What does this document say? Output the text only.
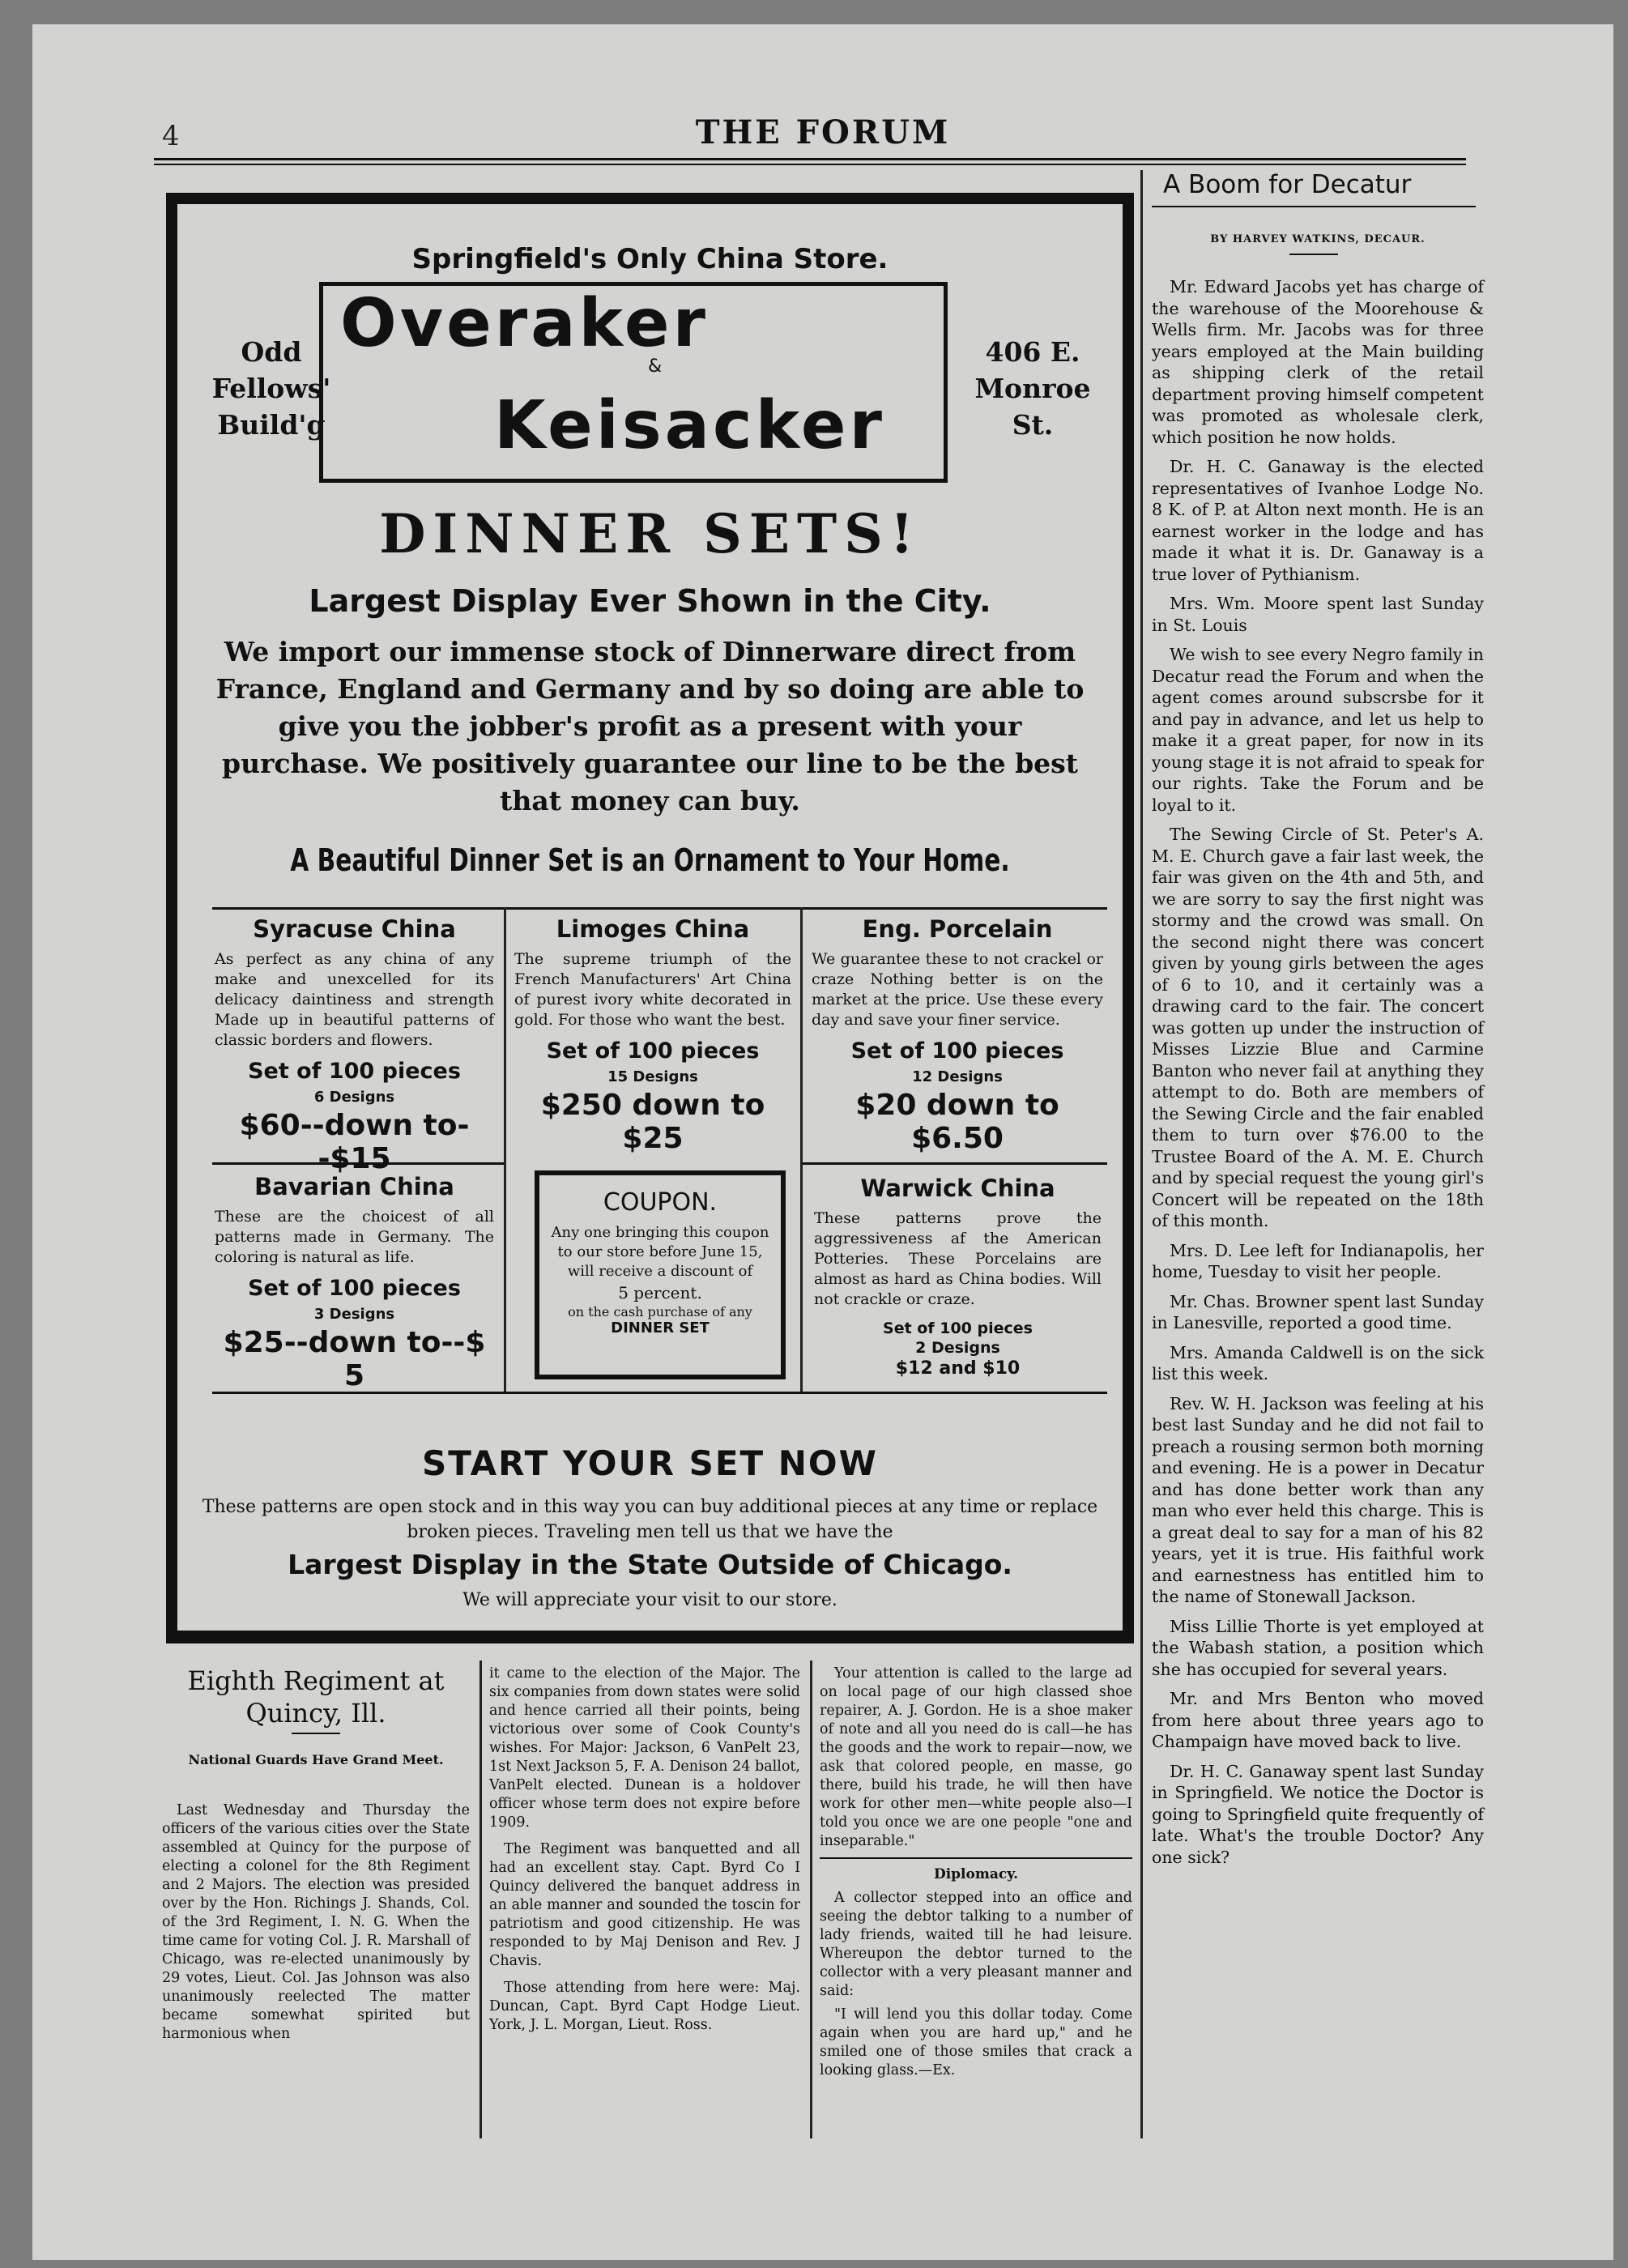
4	THE FORUM
Springfield's Only China Store.
Odd
Fellows'
Build'g
Overaker
&
Keisacker
406 E.
Monroe
St.
DINNER SETS!
Largest Display Ever Shown in the City.
We import our immense stock of Dinnerware direct from France, England and Germany and by so doing are able to give you the jobber's profit as a present with your purchase. We positively guarantee our line to be the best that money can buy.
A Beautiful Dinner Set is an Ornament to Your Home.
Syracuse China
As perfect as any china of any make and unexcelled for its delicacy daintiness and strength Made up in beautiful patterns of classic borders and flowers.
Set of 100 pieces
6 Designs
$60--down to--$15
Limoges China
The supreme triumph of the French Manufacturers' Art China of purest ivory white decorated in gold. For those who want the best.
Set of 100 pieces
15 Designs
$250 down to $25
Eng. Porcelain
We guarantee these to not crackel or craze Nothing better is on the market at the price. Use these every day and save your finer service.
Set of 100 pieces
12 Designs
$20 down to $6.50
Bavarian China
These are the choicest of all patterns made in Germany. The coloring is natural as life.
Set of 100 pieces
3 Designs
$25--down to--$ 5
COUPON.
Any one bringing this coupon to our store before June 15, will receive a discount of
5 percent.
on the cash purchase of any
DINNER SET
Warwick China
These patterns prove the aggressiveness af the American Potteries. These Porcelains are almost as hard as China bodies. Will not crackle or craze.
Set of 100 pieces
2 Designs
$12 and $10
START YOUR SET NOW
These patterns are open stock and in this way you can buy additional pieces at any time or replace broken pieces. Traveling men tell us that we have the
Largest Display in the State Outside of Chicago.
We will appreciate your visit to our store.
A Boom for Decatur
BY HARVEY WATKINS, DECAUR.

Mr. Edward Jacobs yet has charge of the warehouse of the Moorehouse & Wells firm. Mr. Jacobs was for three years employed at the Main building as shipping clerk of the retail department proving himself competent was promoted as wholesale clerk, which position he now holds.

Dr. H. C. Ganaway is the elected representatives of Ivanhoe Lodge No. 8 K. of P. at Alton next month. He is an earnest worker in the lodge and has made it what it is. Dr. Ganaway is a true lover of Pythianism.

Mrs. Wm. Moore spent last Sunday in St. Louis

We wish to see every Negro family in Decatur read the Forum and when the agent comes around subscrsbe for it and pay in advance, and let us help to make it a great paper, for now in its young stage it is not afraid to speak for our rights. Take the Forum and be loyal to it.

The Sewing Circle of St. Peter's A. M. E. Church gave a fair last week, the fair was given on the 4th and 5th, and we are sorry to say the first night was stormy and the crowd was small. On the second night there was concert given by young girls between the ages of 6 to 10, and it certainly was a drawing card to the fair. The concert was gotten up under the instruction of Misses Lizzie Blue and Carmine Banton who never fail at anything they attempt to do. Both are members of the Sewing Circle and the fair enabled them to turn over $76.00 to the Trustee Board of the A. M. E. Church and by special request the young girl's Concert will be repeated on the 18th of this month.

Mrs. D. Lee left for Indianapolis, her home, Tuesday to visit her people.

Mr. Chas. Browner spent last Sunday in Lanesville, reported a good time.

Mrs. Amanda Caldwell is on the sick list this week.

Rev. W. H. Jackson was feeling at his best last Sunday and he did not fail to preach a rousing sermon both morning and evening. He is a power in Decatur and has done better work than any man who ever held this charge. This is a great deal to say for a man of his 82 years, yet it is true. His faithful work and earnestness has entitled him to the name of Stonewall Jackson.

Miss Lillie Thorte is yet employed at the Wabash station, a position which she has occupied for several years.

Mr. and Mrs Benton who moved from here about three years ago to Champaign have moved back to live.

Dr. H. C. Ganaway spent last Sunday in Springfield. We notice the Doctor is going to Springfield quite frequently of late. What's the trouble Doctor? Any one sick?

Eighth Regiment at Quincy, Ill.
National Guards Have Grand Meet.
Last Wednesday and Thursday the officers of the various cities over the State assembled at Quincy for the purpose of electing a colonel for the 8th Regiment and 2 Majors. The election was presided over by the Hon. Richings J. Shands, Col. of the 3rd Regiment, I. N. G. When the time came for voting Col. J. R. Marshall of Chicago, was re-elected unanimously by 29 votes, Lieut. Col. Jas Johnson was also unanimously reelected The matter became somewhat spirited but harmonious when

it came to the election of the Major. The six companies from down states were solid and hence carried all their points, being victorious over some of Cook County's wishes. For Major: Jackson, 6 VanPelt 23, 1st Next Jackson 5, F. A. Denison 24 ballot, VanPelt elected. Dunean is a holdover officer whose term does not expire before 1909.

The Regiment was banquetted and all had an excellent stay. Capt. Byrd Co I Quincy delivered the banquet address in an able manner and sounded the toscin for patriotism and good citizenship. He was responded to by Maj Denison and Rev. J Chavis.

Those attending from here were: Maj. Duncan, Capt. Byrd Capt Hodge Lieut. York, J. L. Morgan, Lieut. Ross.

Your attention is called to the large ad on local page of our high classed shoe repairer, A. J. Gordon. He is a shoe maker of note and all you need do is call—he has the goods and the work to repair—now, we ask that colored people, en masse, go there, build his trade, he will then have work for other men—white people also—I told you once we are one people "one and inseparable."

Diplomacy.

A collector stepped into an office and seeing the debtor talking to a number of lady friends, waited till he had leisure. Whereupon the debtor turned to the collector with a very pleasant manner and said:

"I will lend you this dollar today. Come again when you are hard up," and he smiled one of those smiles that crack a looking glass.—Ex.
